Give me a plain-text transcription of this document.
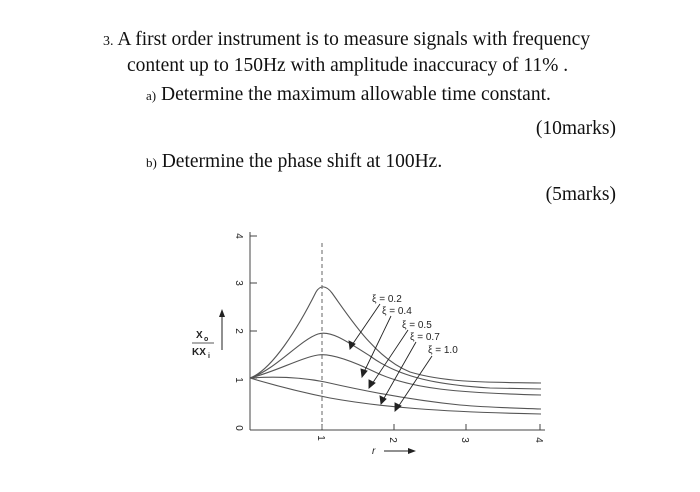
3. A first order instrument is to measure signals with frequency
content up to 150Hz with amplitude inaccuracy of 11% .
a) Determine the maximum allowable time constant.
(10marks)
b) Determine the phase shift at 100Hz.
(5marks)
0
1
2
3
4
1	2	3	4
X o
KX i
r
ξ = 0.2
ξ = 0.4
ξ = 0.5
ξ = 0.7
ξ = 1.0
